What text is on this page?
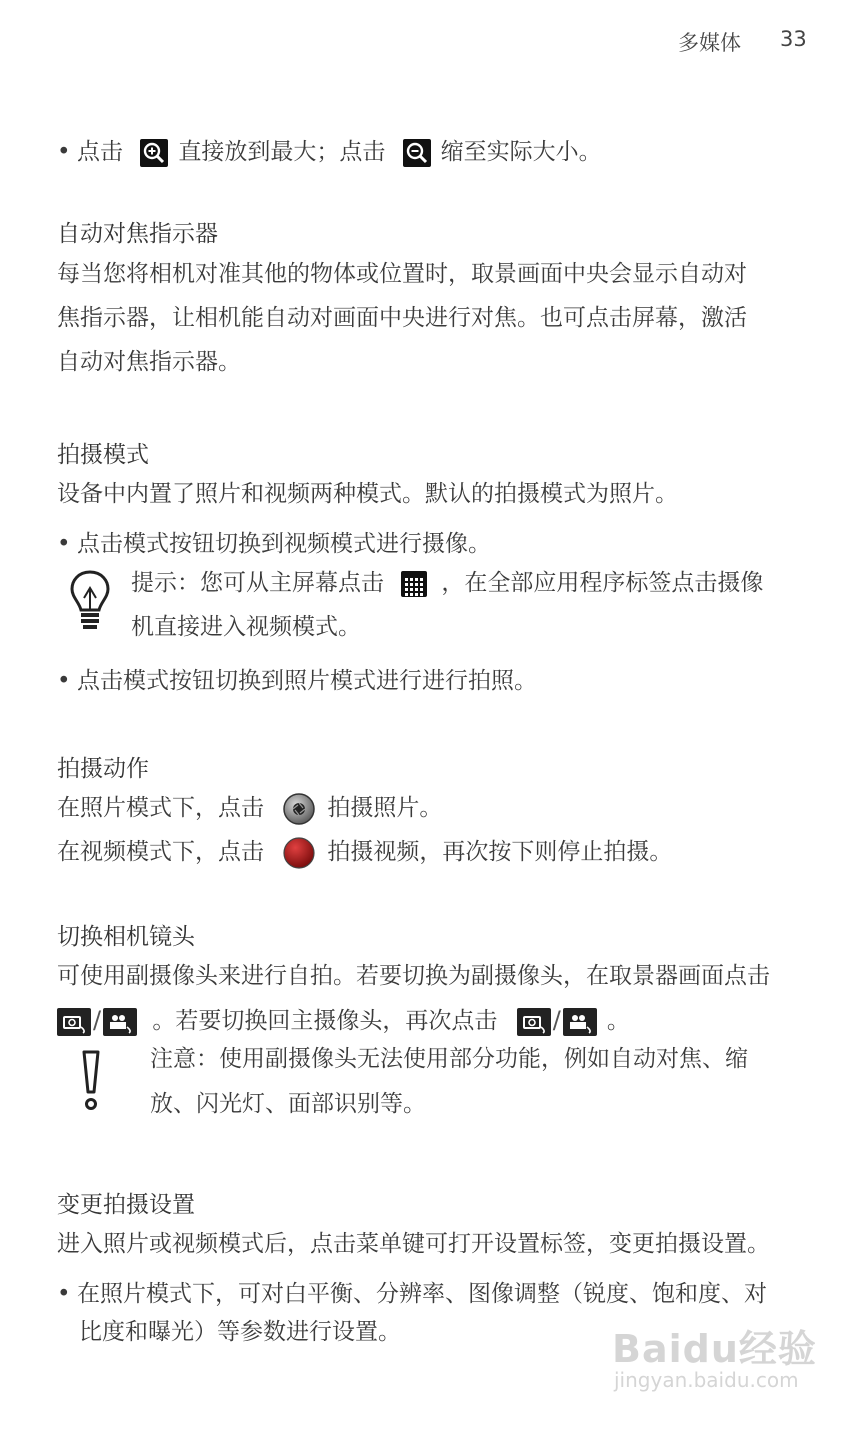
多媒体 33
• 点击 直接放到最大；点击 缩至实际大小。
自动对焦指示器
每当您将相机对准其他的物体或位置时，取景画面中央会显示自动对
焦指示器，让相机能自动对画面中央进行对焦。也可点击屏幕，激活
自动对焦指示器。
拍摄模式
设备中内置了照片和视频两种模式。默认的拍摄模式为照片。
• 点击模式按钮切换到视频模式进行摄像。
提示：您可从主屏幕点击 ，在全部应用程序标签点击摄像
机直接进入视频模式。
• 点击模式按钮切换到照片模式进行进行拍照。
拍摄动作
在照片模式下，点击	拍摄照片。
在视频模式下，点击	拍摄视频，再次按下则停止拍摄。
切换相机镜头
可使用副摄像头来进行自拍。若要切换为副摄像头，在取景器画面点击
/ 。若要切换回主摄像头，再次点击 / 。
注意：使用副摄像头无法使用部分功能，例如自动对焦、缩
放、闪光灯、面部识别等。
变更拍摄设置
进入照片或视频模式后，点击菜单键可打开设置标签，变更拍摄设置。
• 在照片模式下，可对白平衡、分辨率、图像调整（锐度、饱和度、对
比度和曝光）等参数进行设置。	Baidu经验
jingyan.baidu.com
